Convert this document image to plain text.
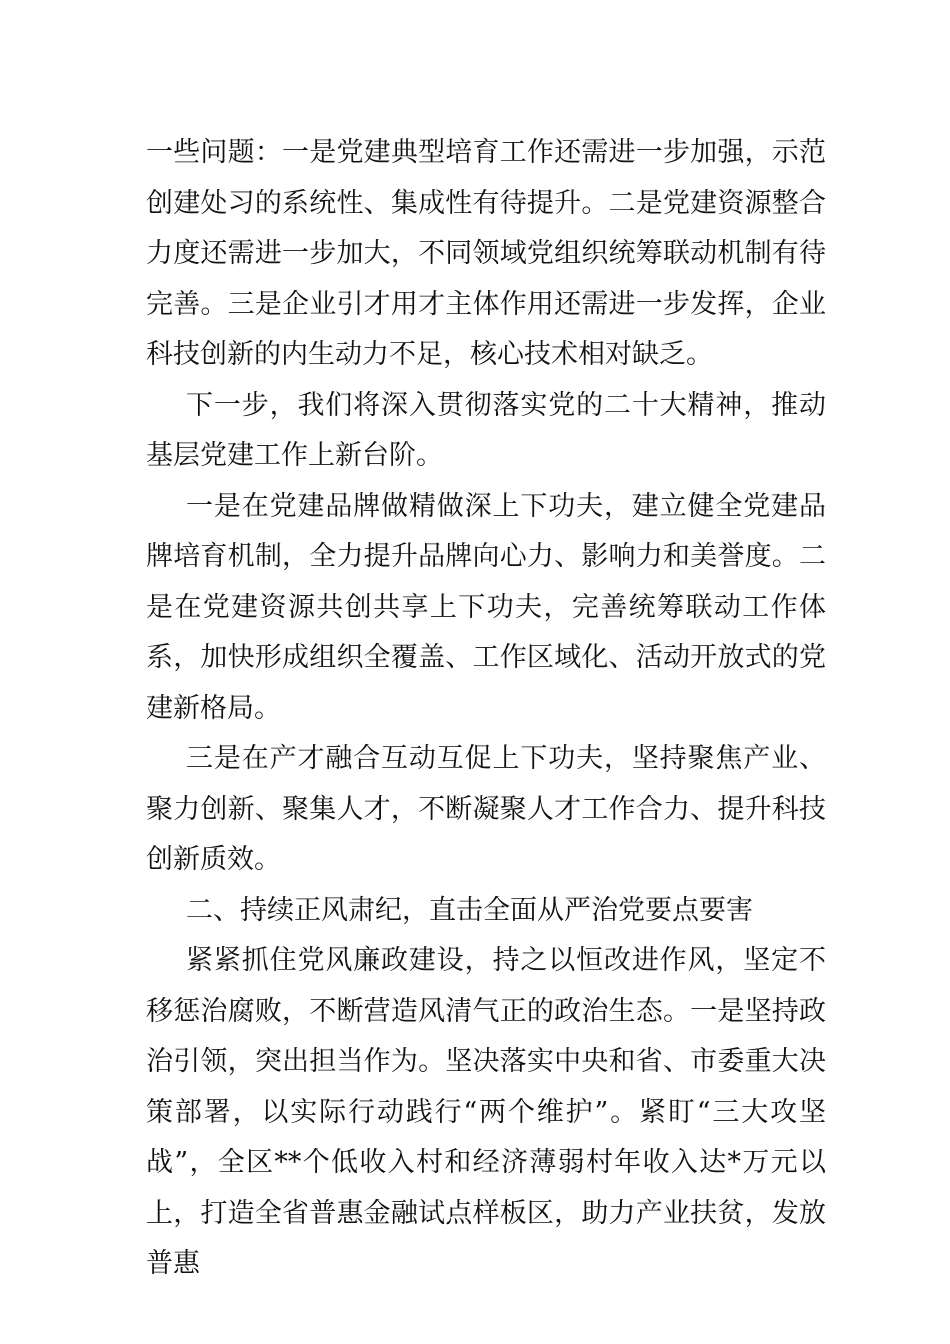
一些问题：一是党建典型培育工作还需进一步加强，示范创建处习的系统性、集成性有待提升。二是党建资源整合力度还需进一步加大，不同领域党组织统筹联动机制有待完善。三是企业引才用才主体作用还需进一步发挥，企业科技创新的内生动力不足，核心技术相对缺乏。

下一步，我们将深入贯彻落实党的二十大精神，推动基层党建工作上新台阶。

一是在党建品牌做精做深上下功夫，建立健全党建品牌培育机制，全力提升品牌向心力、影响力和美誉度。二是在党建资源共创共享上下功夫，完善统筹联动工作体系，加快形成组织全覆盖、工作区域化、活动开放式的党建新格局。

三是在产才融合互动互促上下功夫，坚持聚焦产业、聚力创新、聚集人才，不断凝聚人才工作合力、提升科技创新质效。

二、持续正风肃纪，直击全面从严治党要点要害

紧紧抓住党风廉政建设，持之以恒改进作风，坚定不移惩治腐败，不断营造风清气正的政治生态。一是坚持政治引领，突出担当作为。坚决落实中央和省、市委重大决策部署，以实际行动践行“两个维护”。紧盯“三大攻坚战”，全区**个低收入村和经济薄弱村年收入达*万元以上，打造全省普惠金融试点样板区，助力产业扶贫，发放普惠
